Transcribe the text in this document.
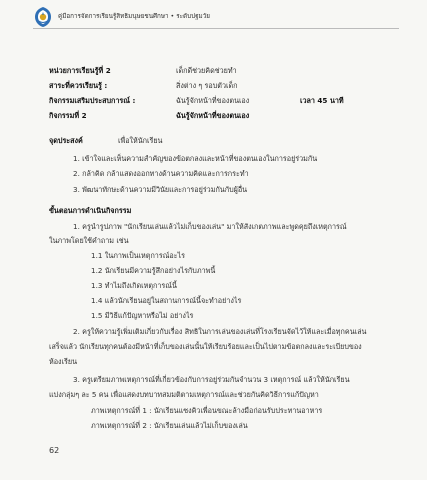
คู่มือการจัดการเรียนรู้สิทธิมนุษยชนศึกษา • ระดับปฐมวัย
หน่วยการเรียนรู้ที่ 2	เด็กดีช่วยคิดช่วยทำ
สาระที่ควรเรียนรู้ :	สิ่งต่าง ๆ รอบตัวเด็ก
กิจกรรมเสริมประสบการณ์ :	ฉันรู้จักหน้าที่ของตนเอง	เวลา 45 นาที
กิจกรรมที่ 2	ฉันรู้จักหน้าที่ของตนเอง
จุดประสงค์	เพื่อให้นักเรียน
1. เข้าใจและเห็นความสำคัญของข้อตกลงและหน้าที่ของตนเองในการอยู่ร่วมกัน
2. กล้าคิด กล้าแสดงออกทางด้านความคิดและการกระทำ
3. พัฒนาทักษะด้านความมีวินัยและการอยู่ร่วมกันกับผู้อื่น
ขั้นตอนการดำเนินกิจกรรม
1. ครูนำรูปภาพ "นักเรียนเล่นแล้วไม่เก็บของเล่น" มาให้สังเกตภาพและพูดคุยถึงเหตุการณ์
ในภาพโดยใช้คำถาม เช่น
1.1 ในภาพเป็นเหตุการณ์อะไร
1.2 นักเรียนมีความรู้สึกอย่างไรกับภาพนี้
1.3 ทำไมถึงเกิดเหตุการณ์นี้
1.4 แล้วนักเรียนอยู่ในสถานการณ์นี้จะทำอย่างไร
1.5 มีวิธีแก้ปัญหาหรือไม่ อย่างไร
2. ครูให้ความรู้เพิ่มเติมเกี่ยวกับเรื่อง สิทธิในการเล่นของเล่นที่โรงเรียนจัดไว้ให้และเมื่อทุกคนเล่น
เสร็จแล้ว นักเรียนทุกคนต้องมีหน้าที่เก็บของเล่นนั้นให้เรียบร้อยและเป็นไปตามข้อตกลงและระเบียบของ
ห้องเรียน
3. ครูเตรียมภาพเหตุการณ์ที่เกี่ยวข้องกับการอยู่ร่วมกันจำนวน 3 เหตุการณ์ แล้วให้นักเรียน
แบ่งกลุ่มๆ ละ 5 คน เพื่อแสดงบทบาทสมมติตามเหตุการณ์และช่วยกันคิดวิธีการแก้ปัญหา
ภาพเหตุการณ์ที่ 1 : นักเรียนแซงคิวเพื่อนขณะล้างมือก่อนรับประทานอาหาร
ภาพเหตุการณ์ที่ 2 : นักเรียนเล่นแล้วไม่เก็บของเล่น
62
